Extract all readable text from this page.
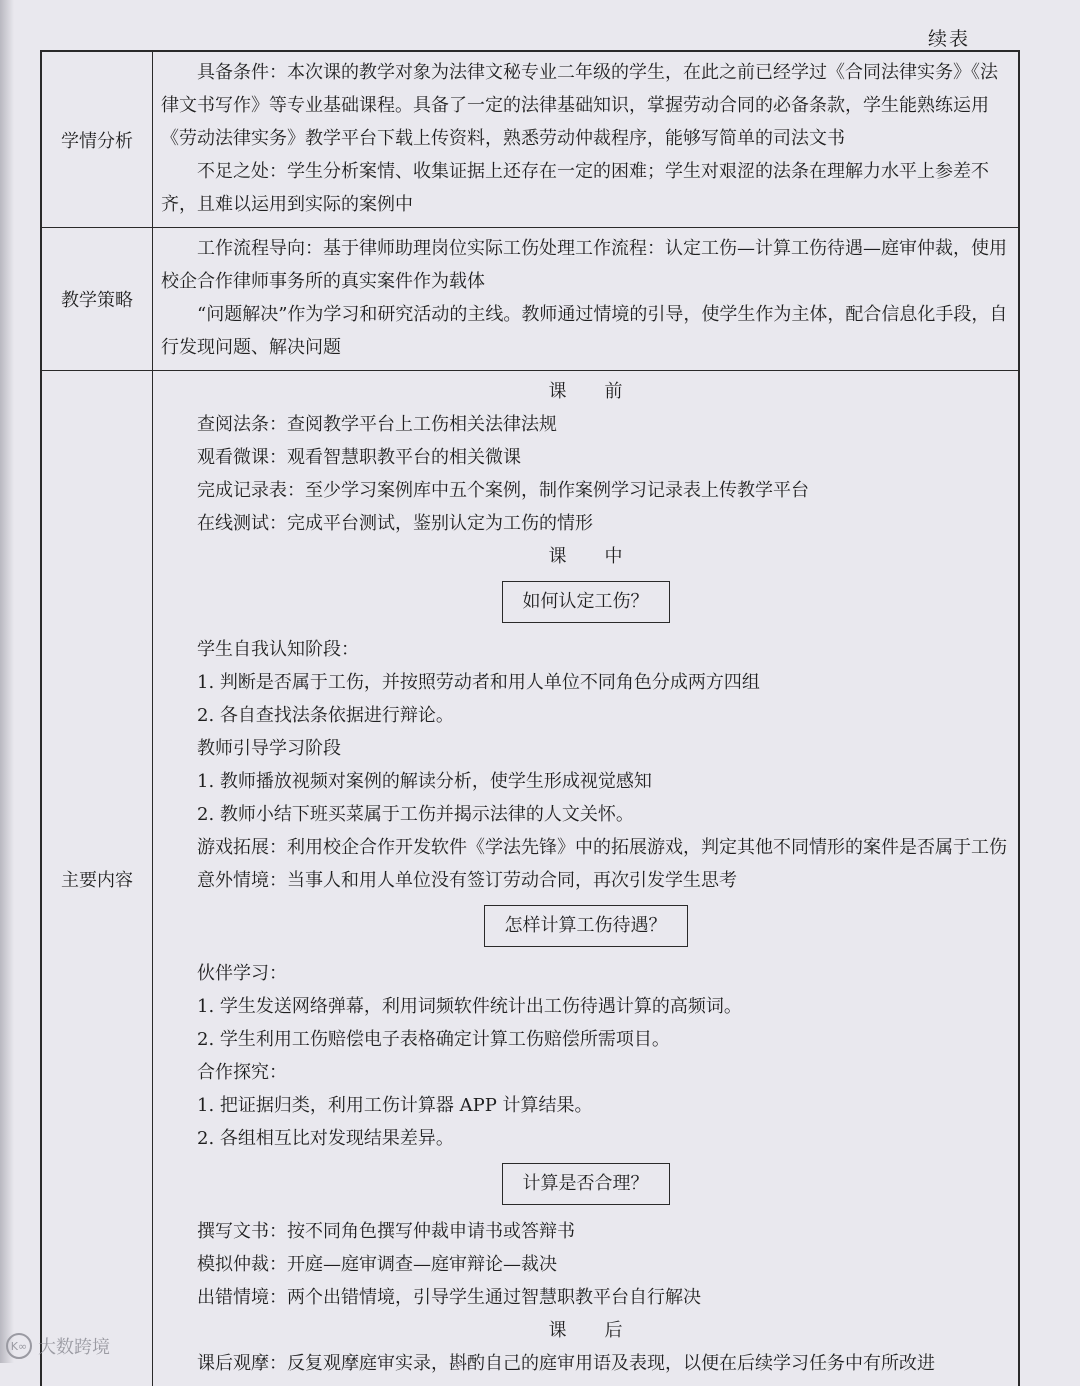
续表
学情分析

具备条件：本次课的教学对象为法律文秘专业二年级的学生，在此之前已经学过《合同法律实务》《法律文书写作》等专业基础课程。具备了一定的法律基础知识，掌握劳动合同的必备条款，学生能熟练运用《劳动法律实务》教学平台下载上传资料，熟悉劳动仲裁程序，能够写简单的司法文书

不足之处：学生分析案情、收集证据上还存在一定的困难；学生对艰涩的法条在理解力水平上参差不齐，且难以运用到实际的案例中

教学策略

工作流程导向：基于律师助理岗位实际工伤处理工作流程：认定工伤—计算工伤待遇—庭审仲裁，使用校企合作律师事务所的真实案件作为载体

“问题解决”作为学习和研究活动的主线。教师通过情境的引导，使学生作为主体，配合信息化手段，自行发现问题、解决问题

主要内容

课前

查阅法条：查阅教学平台上工伤相关法律法规

观看微课：观看智慧职教平台的相关微课

完成记录表：至少学习案例库中五个案例，制作案例学习记录表上传教学平台

在线测试：完成平台测试，鉴别认定为工伤的情形

课中

如何认定工伤？

学生自我认知阶段：

1. 判断是否属于工伤，并按照劳动者和用人单位不同角色分成两方四组

2. 各自查找法条依据进行辩论。

教师引导学习阶段

1. 教师播放视频对案例的解读分析，使学生形成视觉感知

2. 教师小结下班买菜属于工伤并揭示法律的人文关怀。

游戏拓展：利用校企合作开发软件《学法先锋》中的拓展游戏，判定其他不同情形的案件是否属于工伤

意外情境：当事人和用人单位没有签订劳动合同，再次引发学生思考

怎样计算工伤待遇？

伙伴学习：

1. 学生发送网络弹幕，利用词频软件统计出工伤待遇计算的高频词。

2. 学生利用工伤赔偿电子表格确定计算工伤赔偿所需项目。

合作探究：

1. 把证据归类，利用工伤计算器 APP 计算结果。

2. 各组相互比对发现结果差异。

计算是否合理？

撰写文书：按不同角色撰写仲裁申请书或答辩书

模拟仲裁：开庭—庭审调查—庭审辩论—裁决

出错情境：两个出错情境，引导学生通过智慧职教平台自行解决

课后

课后观摩：反复观摩庭审实录，斟酌自己的庭审用语及表现，以便在后续学习任务中有所改进

K∞ 大数跨境
